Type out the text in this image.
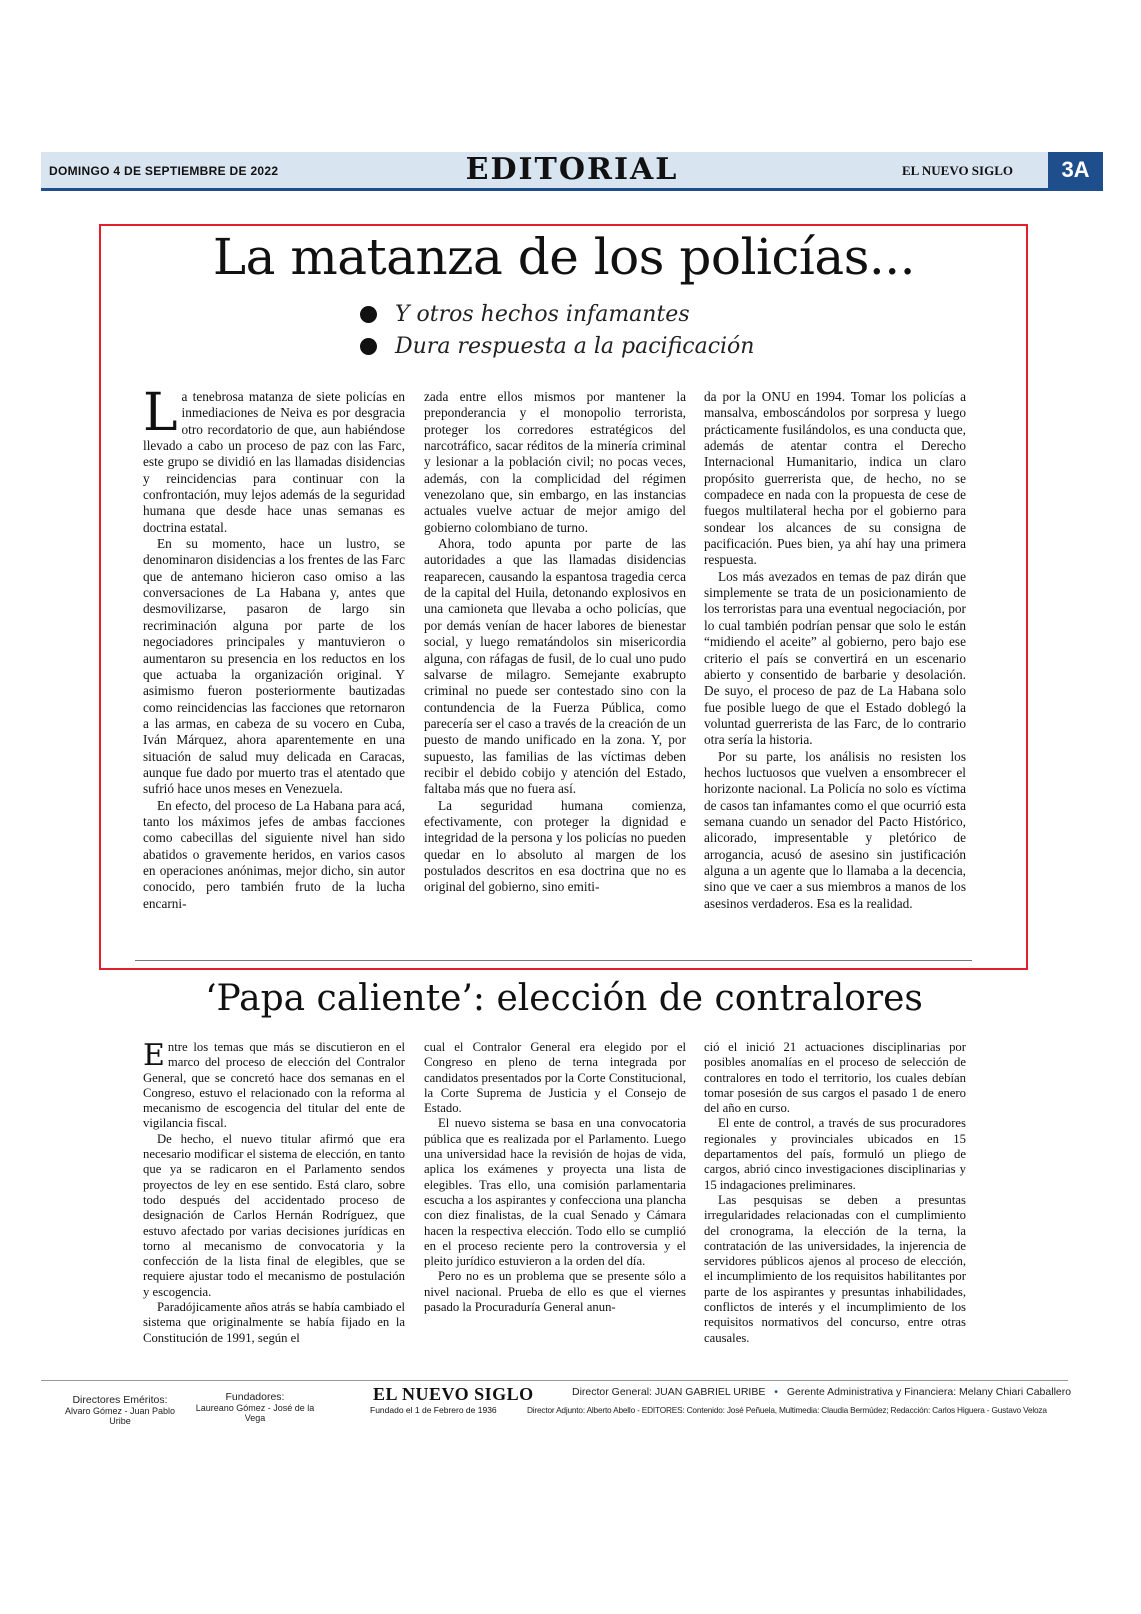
DOMINGO 4 DE SEPTIEMBRE DE 2022	EDITORIAL	EL NUEVO SIGLO	3A
La matanza de los policías...
Y otros hechos infamantes
Dura respuesta a la pacificación

La tenebrosa matanza de siete policías en inmediaciones de Neiva es por desgracia otro recordatorio de que, aun habiéndose llevado a cabo un proceso de paz con las Farc, este grupo se dividió en las llamadas disidencias y reincidencias para continuar con la confrontación, muy lejos además de la seguridad humana que desde hace unas semanas es doctrina estatal.

En su momento, hace un lustro, se denominaron disidencias a los frentes de las Farc que de antemano hicieron caso omiso a las conversaciones de La Habana y, antes que desmovilizarse, pasaron de largo sin recriminación alguna por parte de los negociadores principales y mantuvieron o aumentaron su presencia en los reductos en los que actuaba la organización original. Y asimismo fueron posteriormente bautizadas como reincidencias las facciones que retornaron a las armas, en cabeza de su vocero en Cuba, Iván Márquez, ahora aparentemente en una situación de salud muy delicada en Caracas, aunque fue dado por muerto tras el atentado que sufrió hace unos meses en Venezuela.

En efecto, del proceso de La Habana para acá, tanto los máximos jefes de ambas facciones como cabecillas del siguiente nivel han sido abatidos o gravemente heridos, en varios casos en operaciones anónimas, mejor dicho, sin autor conocido, pero también fruto de la lucha encarni-

zada entre ellos mismos por mantener la preponderancia y el monopolio terrorista, proteger los corredores estratégicos del narcotráfico, sacar réditos de la minería criminal y lesionar a la población civil; no pocas veces, además, con la complicidad del régimen venezolano que, sin embargo, en las instancias actuales vuelve actuar de mejor amigo del gobierno colombiano de turno.

Ahora, todo apunta por parte de las autoridades a que las llamadas disidencias reaparecen, causando la espantosa tragedia cerca de la capital del Huila, detonando explosivos en una camioneta que llevaba a ocho policías, que por demás venían de hacer labores de bienestar social, y luego rematándolos sin misericordia alguna, con ráfagas de fusil, de lo cual uno pudo salvarse de milagro. Semejante exabrupto criminal no puede ser contestado sino con la contundencia de la Fuerza Pública, como parecería ser el caso a través de la creación de un puesto de mando unificado en la zona. Y, por supuesto, las familias de las víctimas deben recibir el debido cobijo y atención del Estado, faltaba más que no fuera así.

La seguridad humana comienza, efectivamente, con proteger la dignidad e integridad de la persona y los policías no pueden quedar en lo absoluto al margen de los postulados descritos en esa doctrina que no es original del gobierno, sino emiti-

da por la ONU en 1994. Tomar los policías a mansalva, emboscándolos por sorpresa y luego prácticamente fusilándolos, es una conducta que, además de atentar contra el Derecho Internacional Humanitario, indica un claro propósito guerrerista que, de hecho, no se compadece en nada con la propuesta de cese de fuegos multilateral hecha por el gobierno para sondear los alcances de su consigna de pacificación. Pues bien, ya ahí hay una primera respuesta.

Los más avezados en temas de paz dirán que simplemente se trata de un posicionamiento de los terroristas para una eventual negociación, por lo cual también podrían pensar que solo le están “midiendo el aceite” al gobierno, pero bajo ese criterio el país se convertirá en un escenario abierto y consentido de barbarie y desolación. De suyo, el proceso de paz de La Habana solo fue posible luego de que el Estado doblegó la voluntad guerrerista de las Farc, de lo contrario otra sería la historia.

Por su parte, los análisis no resisten los hechos luctuosos que vuelven a ensombrecer el horizonte nacional. La Policía no solo es víctima de casos tan infamantes como el que ocurrió esta semana cuando un senador del Pacto Histórico, alicorado, impresentable y pletórico de arrogancia, acusó de asesino sin justificación alguna a un agente que lo llamaba a la decencia, sino que ve caer a sus miembros a manos de los asesinos verdaderos. Esa es la realidad.

‘Papa caliente’: elección de contralores

Entre los temas que más se discutieron en el marco del proceso de elección del Contralor General, que se concretó hace dos semanas en el Congreso, estuvo el relacionado con la reforma al mecanismo de escogencia del titular del ente de vigilancia fiscal.

De hecho, el nuevo titular afirmó que era necesario modificar el sistema de elección, en tanto que ya se radicaron en el Parlamento sendos proyectos de ley en ese sentido. Está claro, sobre todo después del accidentado proceso de designación de Carlos Hernán Rodríguez, que estuvo afectado por varias decisiones jurídicas en torno al mecanismo de convocatoria y la confección de la lista final de elegibles, que se requiere ajustar todo el mecanismo de postulación y escogencia.

Paradójicamente años atrás se había cambiado el sistema que originalmente se había fijado en la Constitución de 1991, según el

cual el Contralor General era elegido por el Congreso en pleno de terna integrada por candidatos presentados por la Corte Constitucional, la Corte Suprema de Justicia y el Consejo de Estado.

El nuevo sistema se basa en una convocatoria pública que es realizada por el Parlamento. Luego una universidad hace la revisión de hojas de vida, aplica los exámenes y proyecta una lista de elegibles. Tras ello, una comisión parlamentaria escucha a los aspirantes y confecciona una plancha con diez finalistas, de la cual Senado y Cámara hacen la respectiva elección. Todo ello se cumplió en el proceso reciente pero la controversia y el pleito jurídico estuvieron a la orden del día.

Pero no es un problema que se presente sólo a nivel nacional. Prueba de ello es que el viernes pasado la Procuraduría General anun-

ció el inició 21 actuaciones disciplinarias por posibles anomalías en el proceso de selección de contralores en todo el territorio, los cuales debían tomar posesión de sus cargos el pasado 1 de enero del año en curso.

El ente de control, a través de sus procuradores regionales y provinciales ubicados en 15 departamentos del país, formuló un pliego de cargos, abrió cinco investigaciones disciplinarias y 15 indagaciones preliminares.

Las pesquisas se deben a presuntas irregularidades relacionadas con el cumplimiento del cronograma, la elección de la terna, la contratación de las universidades, la injerencia de servidores públicos ajenos al proceso de elección, el incumplimiento de los requisitos habilitantes por parte de los aspirantes y presuntas inhabilidades, conflictos de interés y el incumplimiento de los requisitos normativos del concurso, entre otras causales.

Directores Eméritos:
Alvaro Gómez - Juan Pablo Uribe
Fundadores:
Laureano Gómez - José de la Vega
EL NUEVO SIGLO
Fundado el 1 de Febrero de 1936
Director General: JUAN GABRIEL URIBE • Gerente Administrativa y Financiera: Melany Chiari Caballero
Director Adjunto: Alberto Abello - EDITORES: Contenido: José Peñuela, Multimedia: Claudia Bermúdez; Redacción: Carlos Higuera - Gustavo Veloza
